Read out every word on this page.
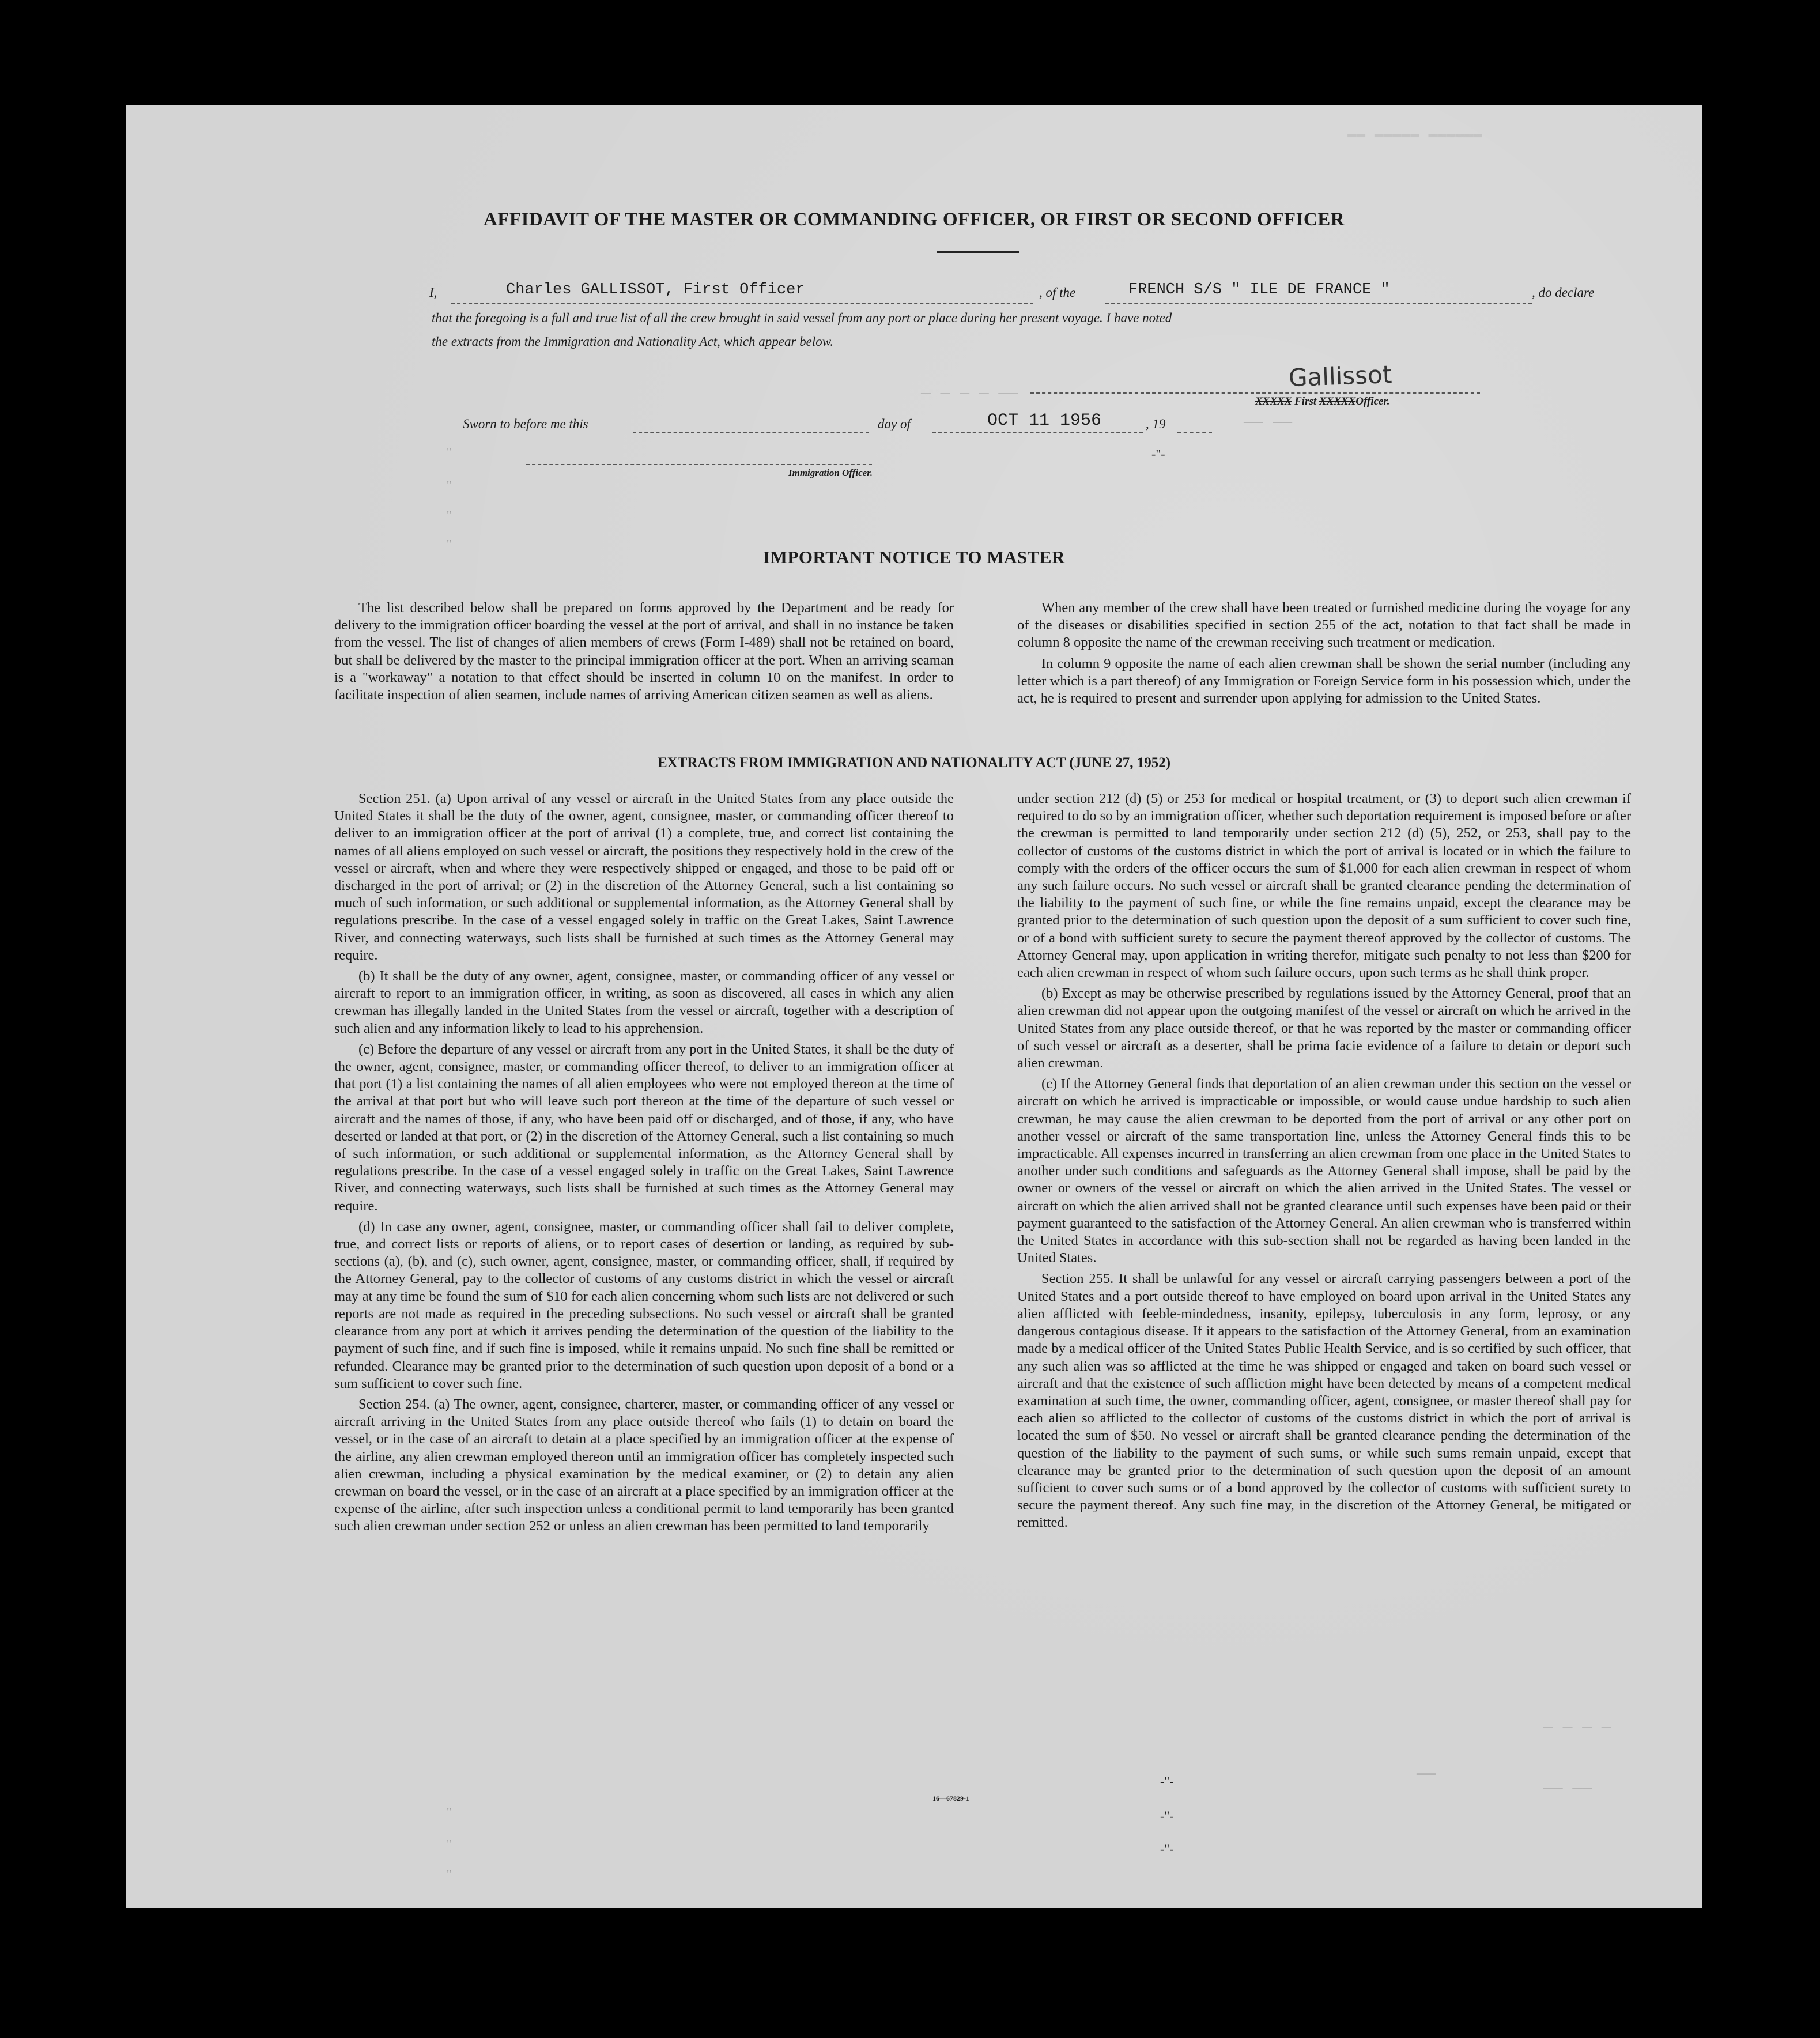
▬▬ ▬▬▬▬▬ ▬▬▬▬▬▬
— — — — ——
—— ——
— — — —
——
—— ——
AFFIDAVIT OF THE MASTER OR COMMANDING OFFICER, OR FIRST OR SECOND OFFICER
I,	Charles GALLISSOT, First Officer	, of the	FRENCH S/S " ILE DE FRANCE "	, do declare
that the foregoing is a full and true list of all the crew brought in said vessel from any port or place during her present voyage. I have noted
the extracts from the Immigration and Nationality Act, which appear below.
Gallissot
XXXXX First XXXXXOfficer.
Sworn to before me this	day of	OCT 11 1956	, 19
"	-"-
Immigration Officer.
"
"
"
IMPORTANT NOTICE TO MASTER

The list described below shall be prepared on forms approved by the Department and be ready for delivery to the immigration officer boarding the vessel at the port of arrival, and shall in no instance be taken from the vessel. The list of changes of alien members of crews (Form I-489) shall not be retained on board, but shall be delivered by the master to the principal immigration officer at the port. When an arriving seaman is a "workaway" a notation to that effect should be inserted in column 10 on the manifest. In order to facilitate inspection of alien seamen, include names of arriving American citizen seamen as well as aliens.

When any member of the crew shall have been treated or furnished medicine during the voyage for any of the diseases or disabilities specified in section 255 of the act, notation to that fact shall be made in column 8 opposite the name of the crewman receiving such treatment or medication.

In column 9 opposite the name of each alien crewman shall be shown the serial number (including any letter which is a part thereof) of any Immigration or Foreign Service form in his possession which, under the act, he is required to present and surrender upon applying for admission to the United States.

EXTRACTS FROM IMMIGRATION AND NATIONALITY ACT (JUNE 27, 1952)

Section 251. (a) Upon arrival of any vessel or aircraft in the United States from any place outside the United States it shall be the duty of the owner, agent, consignee, master, or commanding officer thereof to deliver to an immigration officer at the port of arrival (1) a complete, true, and correct list containing the names of all aliens employed on such vessel or aircraft, the positions they respectively hold in the crew of the vessel or aircraft, when and where they were respectively shipped or engaged, and those to be paid off or discharged in the port of arrival; or (2) in the discretion of the Attorney General, such a list containing so much of such information, or such additional or supplemental information, as the Attorney General shall by regulations prescribe. In the case of a vessel engaged solely in traffic on the Great Lakes, Saint Lawrence River, and connecting waterways, such lists shall be furnished at such times as the Attorney General may require.

(b) It shall be the duty of any owner, agent, consignee, master, or commanding officer of any vessel or aircraft to report to an immigration officer, in writing, as soon as discovered, all cases in which any alien crewman has illegally landed in the United States from the vessel or aircraft, together with a description of such alien and any information likely to lead to his apprehension.

(c) Before the departure of any vessel or aircraft from any port in the United States, it shall be the duty of the owner, agent, consignee, master, or commanding officer thereof, to deliver to an immigration officer at that port (1) a list containing the names of all alien employees who were not employed thereon at the time of the arrival at that port but who will leave such port thereon at the time of the departure of such vessel or aircraft and the names of those, if any, who have been paid off or discharged, and of those, if any, who have deserted or landed at that port, or (2) in the discretion of the Attorney General, such a list containing so much of such information, or such additional or supplemental information, as the Attorney General shall by regulations prescribe. In the case of a vessel engaged solely in traffic on the Great Lakes, Saint Lawrence River, and connecting waterways, such lists shall be furnished at such times as the Attorney General may require.

(d) In case any owner, agent, consignee, master, or commanding officer shall fail to deliver complete, true, and correct lists or reports of aliens, or to report cases of desertion or landing, as required by sub-sections (a), (b), and (c), such owner, agent, consignee, master, or commanding officer, shall, if required by the Attorney General, pay to the collector of customs of any customs district in which the vessel or aircraft may at any time be found the sum of $10 for each alien concerning whom such lists are not delivered or such reports are not made as required in the preceding subsections. No such vessel or aircraft shall be granted clearance from any port at which it arrives pending the determination of the question of the liability to the payment of such fine, and if such fine is imposed, while it remains unpaid. No such fine shall be remitted or refunded. Clearance may be granted prior to the determination of such question upon deposit of a bond or a sum sufficient to cover such fine.

Section 254. (a) The owner, agent, consignee, charterer, master, or commanding officer of any vessel or aircraft arriving in the United States from any place outside thereof who fails (1) to detain on board the vessel, or in the case of an aircraft to detain at a place specified by an immigration officer at the expense of the airline, any alien crewman employed thereon until an immigration officer has completely inspected such alien crewman, including a physical examination by the medical examiner, or (2) to detain any alien crewman on board the vessel, or in the case of an aircraft at a place specified by an immigration officer at the expense of the airline, after such inspection unless a conditional permit to land temporarily has been granted such alien crewman under section 252 or unless an alien crewman has been permitted to land temporarily

under section 212 (d) (5) or 253 for medical or hospital treatment, or (3) to deport such alien crewman if required to do so by an immigration officer, whether such deportation requirement is imposed before or after the crewman is permitted to land temporarily under section 212 (d) (5), 252, or 253, shall pay to the collector of customs of the customs district in which the port of arrival is located or in which the failure to comply with the orders of the officer occurs the sum of $1,000 for each alien crewman in respect of whom any such failure occurs. No such vessel or aircraft shall be granted clearance pending the determination of the liability to the payment of such fine, or while the fine remains unpaid, except the clearance may be granted prior to the determination of such question upon the deposit of a sum sufficient to cover such fine, or of a bond with sufficient surety to secure the payment thereof approved by the collector of customs. The Attorney General may, upon application in writing therefor, mitigate such penalty to not less than $200 for each alien crewman in respect of whom such failure occurs, upon such terms as he shall think proper.

(b) Except as may be otherwise prescribed by regulations issued by the Attorney General, proof that an alien crewman did not appear upon the outgoing manifest of the vessel or aircraft on which he arrived in the United States from any place outside thereof, or that he was reported by the master or commanding officer of such vessel or aircraft as a deserter, shall be prima facie evidence of a failure to detain or deport such alien crewman.

(c) If the Attorney General finds that deportation of an alien crewman under this section on the vessel or aircraft on which he arrived is impracticable or impossible, or would cause undue hardship to such alien crewman, he may cause the alien crewman to be deported from the port of arrival or any other port on another vessel or aircraft of the same transportation line, unless the Attorney General finds this to be impracticable. All expenses incurred in transferring an alien crewman from one place in the United States to another under such conditions and safeguards as the Attorney General shall impose, shall be paid by the owner or owners of the vessel or aircraft on which the alien arrived in the United States. The vessel or aircraft on which the alien arrived shall not be granted clearance until such expenses have been paid or their payment guaranteed to the satisfaction of the Attorney General. An alien crewman who is transferred within the United States in accordance with this sub-section shall not be regarded as having been landed in the United States.

Section 255. It shall be unlawful for any vessel or aircraft carrying passengers between a port of the United States and a port outside thereof to have employed on board upon arrival in the United States any alien afflicted with feeble-mindedness, insanity, epilepsy, tuberculosis in any form, leprosy, or any dangerous contagious disease. If it appears to the satisfaction of the Attorney General, from an examination made by a medical officer of the United States Public Health Service, and is so certified by such officer, that any such alien was so afflicted at the time he was shipped or engaged and taken on board such vessel or aircraft and that the existence of such affliction might have been detected by means of a competent medical examination at such time, the owner, commanding officer, agent, consignee, or master thereof shall pay for each alien so afflicted to the collector of customs of the customs district in which the port of arrival is located the sum of $50. No vessel or aircraft shall be granted clearance pending the determination of the question of the liability to the payment of such sums, or while such sums remain unpaid, except that clearance may be granted prior to the determination of such question upon the deposit of an amount sufficient to cover such sums or of a bond approved by the collector of customs with sufficient surety to secure the payment thereof. Any such fine may, in the discretion of the Attorney General, be mitigated or remitted.

16—67829-1
-"-
-"-
-"-
"
"
"
